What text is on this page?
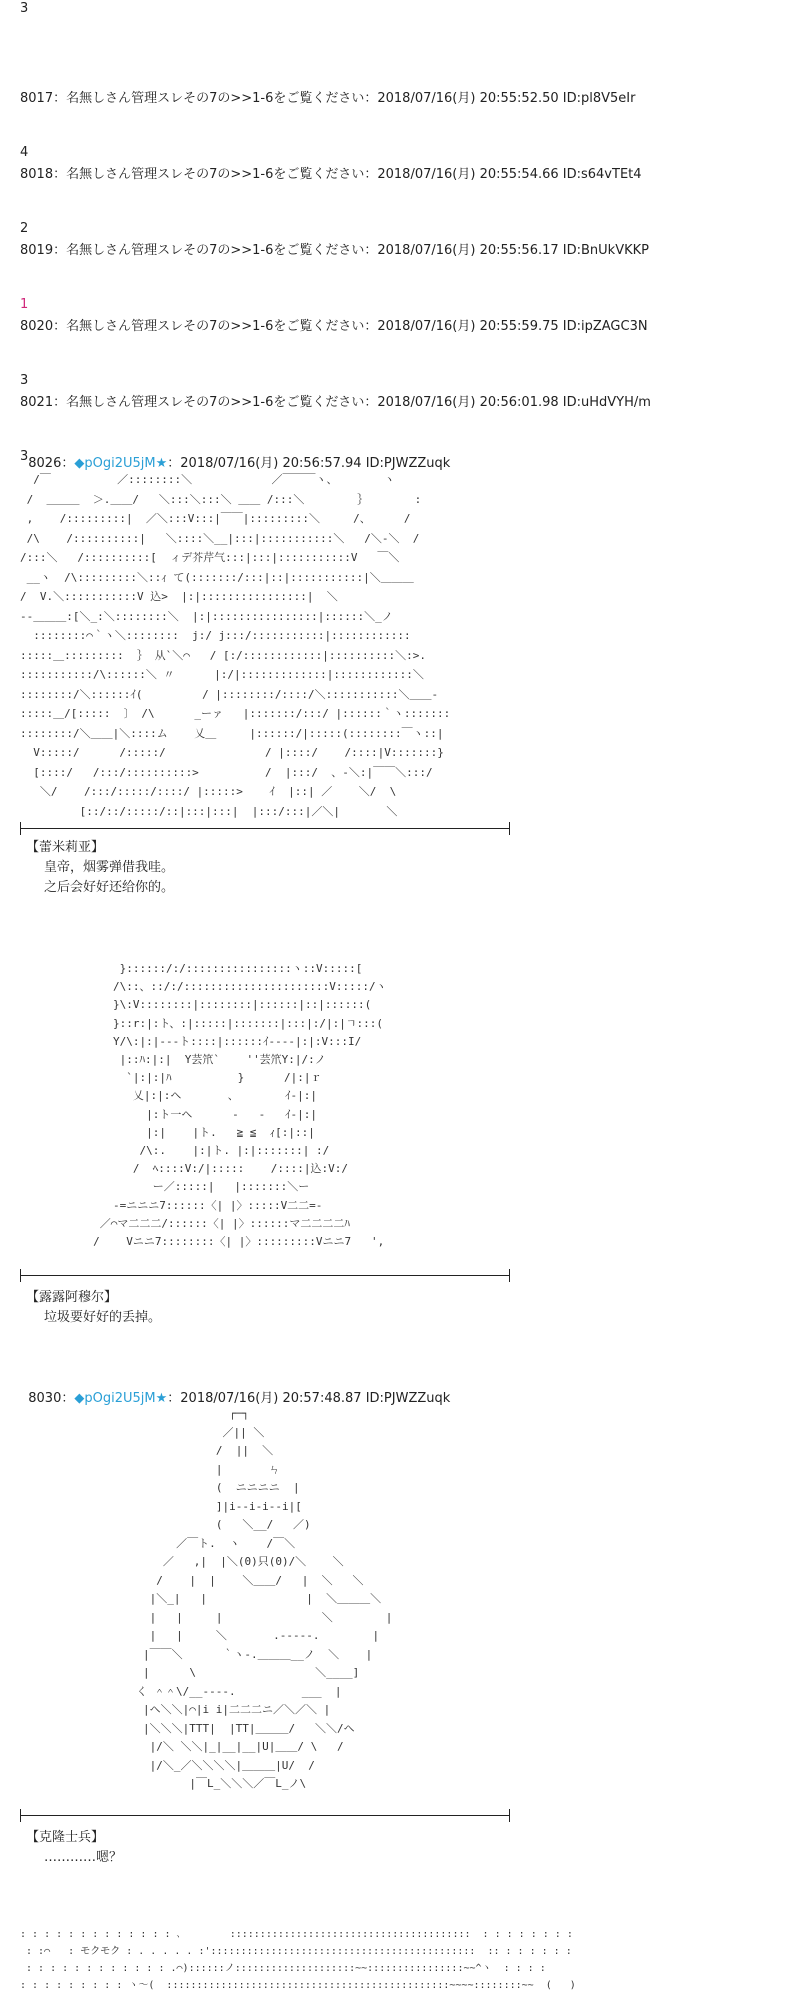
3

8017：名無しさん管理スレその7の>>1-6をご覧ください：2018/07/16(月) 20:55:52.50 ID:pl8V5eIr

4

8018：名無しさん管理スレその7の>>1-6をご覧ください：2018/07/16(月) 20:55:54.66 ID:s64vTEt4

2

8019：名無しさん管理スレその7の>>1-6をご覧ください：2018/07/16(月) 20:55:56.17 ID:BnUkVKKP

1

8020：名無しさん管理スレその7の>>1-6をご覧ください：2018/07/16(月) 20:55:59.75 ID:ipZAGC3N

3

8021：名無しさん管理スレその7の>>1-6をご覧ください：2018/07/16(月) 20:56:01.98 ID:uHdVYH/m

3 8026：◆pOgi2U5jM★：2018/07/16(月) 20:56:57.94 ID:PJWZZuqk

/￣          ／::::::::＼            ／￣￣￣ヽ、       ヽ
/  ＿＿＿  ＞.＿＿/   ＼:::＼:::＼ ＿＿ /:::＼        ｝       :
,    /:::::::::|  ／＼:::V:::|￣￣|:::::::::＼     /、     /
/\    /::::::::::|   ＼::::＼__|:::|:::::::::::＼   /＼-＼  /
/:::＼   /::::::::::[  ィデ芥芹气:::|:::|:::::::::::V   ￣＼
__ヽ  /\:::::::::＼::ｨ て(:::::::/:::|::|:::::::::::|＼＿＿＿
/  V.＼:::::::::::V 込>  |:|::::::::::::::::|  ＼
--＿＿＿:[＼_:＼::::::::＼  |:|::::::::::::::::|::::::＼_ノ
::::::::⌒｀ヽ＼::::::::  j:/ j:::/:::::::::::|::::::::::::
:::::＿:::::::::  ｝ 从`＼⌒   / [:/::::::::::::|::::::::::＼:>.
:::::::::::/\::::::＼ 〃      |:/|:::::::::::::|::::::::::::＼
::::::::/＼::::::ｲ(         / |::::::::/::::/＼:::::::::::＼＿＿-
:::::＿/[:::::  〕 /\      _ーァ   |:::::::/:::/ |::::::｀ヽ:::::::
::::::::/＼＿＿|＼::::ム    乂＿     |::::::/|:::::(::::::::￣ヽ::|
V:::::/      /:::::/               / |::::/    /::::|V:::::::}
[::::/   /:::/::::::::::>          /  |:::/  、-＼:|￣￣＼:::/
＼/    /:::/:::::/::::/ |:::::>    ｲ  |::| ／    ＼/  \
[::/::/:::::/::|:::|:::|  |:::/:::|／＼|       ＼
【蕾米莉亚】
皇帝，烟雾弹借我哇。
之后会好好还给你的。
}::::::/:/::::::::::::::::ヽ::V:::::[
/\::、::/:/::::::::::::::::::::::V:::::/ヽ
}\:V::::::::|::::::::|::::::|::|::::::(
}::r:|:ト、:|:::::|:::::::|:::|:/|:|ㄱ:::(
Y/\:|:|---ト::::|::::::ｲ----|:|:V:::I/
|::ﾊ:|:|  Y芸笊`    ''芸笊Y:|/:ノ
`|:|:|ﾊ          }      /|:|ｒ
乂|:|:ヘ       、       ｲ-|:|
|:ト一ヘ      -   -   ｲ-|:|
|:|    |ト.   ≧ ≦  ｨ[:|::|
/\:.    |:|ト. |:|:::::::| :/
/  ﾍ::::V:/|:::::    /::::|込:V:/
ー／:::::|   |:::::::＼ー
-=ニニニ7::::::〈| |〉:::::V二二=-
／⌒マ二二二/::::::〈| |〉::::::マ二二二二ﾊ
/    Vニニ7::::::::〈| |〉:::::::::Vニニ7   ',
【露露阿穆尔】
垃圾要好好的丢掉。

8030：◆pOgi2U5jM★：2018/07/16(月) 20:57:48.87 ID:PJWZZuqk

┌─┐
／|| ＼
/  ||  ＼
|       ㄣ
(  ニニニニ  |
]|i--i-i--i|[
(   ＼__/   ／)
／￣ト.  ヽ    /￣＼
／   ,|  |＼(0)只(0)/＼    ＼
/    |  |    ＼＿＿/   |  ＼   ＼
|＼_|   |               |  ＼＿＿＿＼
|   |     |               ＼        |
|   |     ＼       .-----.        |
|￣￣＼      ｀ヽ-.＿＿＿__ノ  ＼    |
|      \                  ＼____]
く ＾＾\/__----.          ___  |
|ヘ＼＼|⌒|i i|二二二ニ／＼／＼ |
|＼＼＼|TTT|  |TT|＿＿＿/   ＼＼/ヘ
|/＼ ＼＼|_|__|__|U|＿＿/ \   /
|/＼_／＼＼＼＼|＿＿＿|U/  /
|￣L_＼＼＼／￣L_ノ\
【克隆士兵】
…………嗯？
: : : : : : : : : : : : : ､        ::::::::::::::::::::::::::::::::::::::::  : : : : : : : :
: :⌒   : モクモク : . . . . . :'::::::::::::::::::::::::::::::::::::::::::::  :: : : : : : :
: : : : : : : : : : : : .⌒)::::::ノ::::::::::::::::::::~~::::::::::::::::~~^ヽ  : : : :
: : : : : : : : : ヽ～(  :::::::::::::::::::::::::::::::::::::::::::::::~~~~::::::::~~  (   )
